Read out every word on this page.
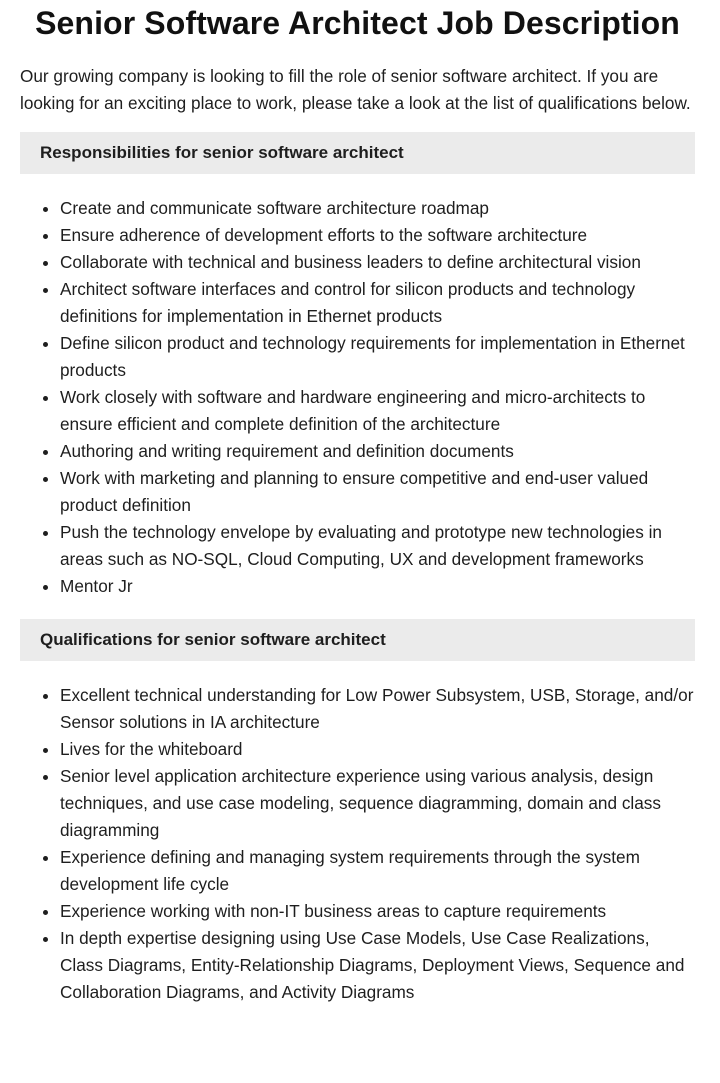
Senior Software Architect Job Description

Our growing company is looking to fill the role of senior software architect. If you are looking for an exciting place to work, please take a look at the list of qualifications below.

Responsibilities for senior software architect
Create and communicate software architecture roadmap
Ensure adherence of development efforts to the software architecture
Collaborate with technical and business leaders to define architectural vision
Architect software interfaces and control for silicon products and technology definitions for implementation in Ethernet products
Define silicon product and technology requirements for implementation in Ethernet products
Work closely with software and hardware engineering and micro-architects to ensure efficient and complete definition of the architecture
Authoring and writing requirement and definition documents
Work with marketing and planning to ensure competitive and end-user valued product definition
Push the technology envelope by evaluating and prototype new technologies in areas such as NO-SQL, Cloud Computing, UX and development frameworks
Mentor Jr
Qualifications for senior software architect
Excellent technical understanding for Low Power Subsystem, USB, Storage, and/or Sensor solutions in IA architecture
Lives for the whiteboard
Senior level application architecture experience using various analysis, design techniques, and use case modeling, sequence diagramming, domain and class diagramming
Experience defining and managing system requirements through the system development life cycle
Experience working with non-IT business areas to capture requirements
In depth expertise designing using Use Case Models, Use Case Realizations, Class Diagrams, Entity-Relationship Diagrams, Deployment Views, Sequence and Collaboration Diagrams, and Activity Diagrams
